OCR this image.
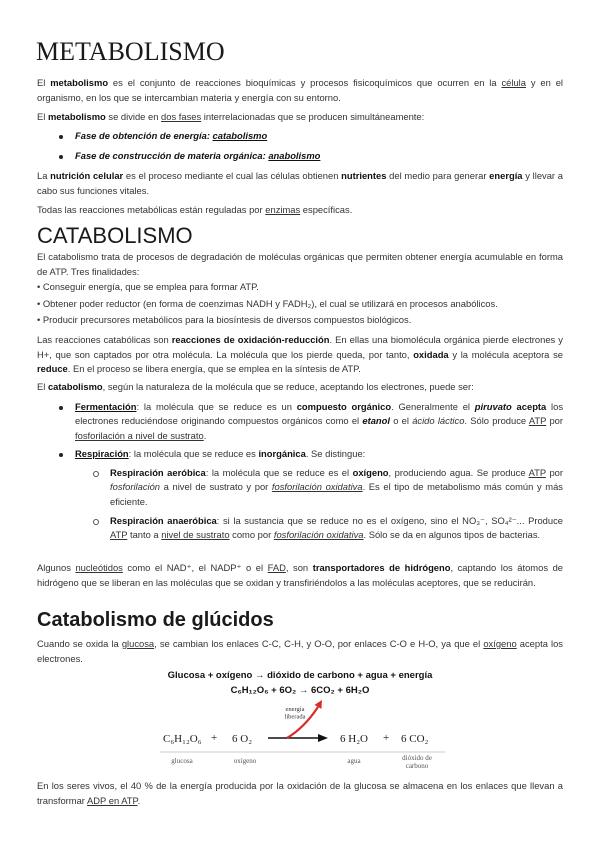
METABOLISMO
El metabolismo es el conjunto de reacciones bioquímicas y procesos fisicoquímicos que ocurren en la célula y en el organismo, en los que se intercambian materia y energía con su entorno.
El metabolismo se divide en dos fases interrelacionadas que se producen simultáneamente:
Fase de obtención de energía: catabolismo
Fase de construcción de materia orgánica: anabolismo
La nutrición celular es el proceso mediante el cual las células obtienen nutrientes del medio para generar energía y llevar a cabo sus funciones vitales.
Todas las reacciones metabólicas están reguladas por enzimas específicas.
CATABOLISMO
El catabolismo trata de procesos de degradación de moléculas orgánicas que permiten obtener energía acumulable en forma de ATP. Tres finalidades:
• Conseguir energía, que se emplea para formar ATP.
• Obtener poder reductor (en forma de coenzimas NADH y FADH₂), el cual se utilizará en procesos anabólicos.
• Producir precursores metabólicos para la biosíntesis de diversos compuestos biológicos.
Las reacciones catabólicas son reacciones de oxidación-reducción. En ellas una biomolécula orgánica pierde electrones y H+, que son captados por otra molécula. La molécula que los pierde queda, por tanto, oxidada y la molécula aceptora se reduce. En el proceso se libera energía, que se emplea en la síntesis de ATP.
El catabolismo, según la naturaleza de la molécula que se reduce, aceptando los electrones, puede ser:
Fermentación: la molécula que se reduce es un compuesto orgánico. Generalmente el piruvato acepta los electrones reduciéndose originando compuestos orgánicos como el etanol o el ácido láctico. Sólo produce ATP por fosforilación a nivel de sustrato.
Respiración: la molécula que se reduce es inorgánica. Se distingue:
Respiración aeróbica: la molécula que se reduce es el oxígeno, produciendo agua. Se produce ATP por fosforilación a nivel de sustrato y por fosforilación oxidativa. Es el tipo de metabolismo más común y más eficiente.
Respiración anaeróbica: si la sustancia que se reduce no es el oxígeno, sino el NO₃⁻, SO₄²⁻... Produce ATP tanto a nivel de sustrato como por fosforilación oxidativa. Sólo se da en algunos tipos de bacterias.
Algunos nucleótidos como el NAD⁺, el NADP⁺ o el FAD, son transportadores de hidrógeno, captando los átomos de hidrógeno que se liberan en las moléculas que se oxidan y transfiriéndolos a las moléculas aceptores, que se reducirán.
Catabolismo de glúcidos
Cuando se oxida la glucosa, se cambian los enlaces C-C, C-H, y O-O, por enlaces C-O e H-O, ya que el oxígeno acepta los electrones.
Glucosa + oxígeno → dióxido de carbono + agua + energía
C₆H₁₂O₆ + 6O₂ → 6CO₂ + 6H₂O
C₆H₁₂O₆ + 6 O₂
energía
liberada
6 H₂O + 6 CO₂
glucosa	oxígeno	agua	dióxido de
carbono
En los seres vivos, el 40 % de la energía producida por la oxidación de la glucosa se almacena en los enlaces que llevan a transformar ADP en ATP.
